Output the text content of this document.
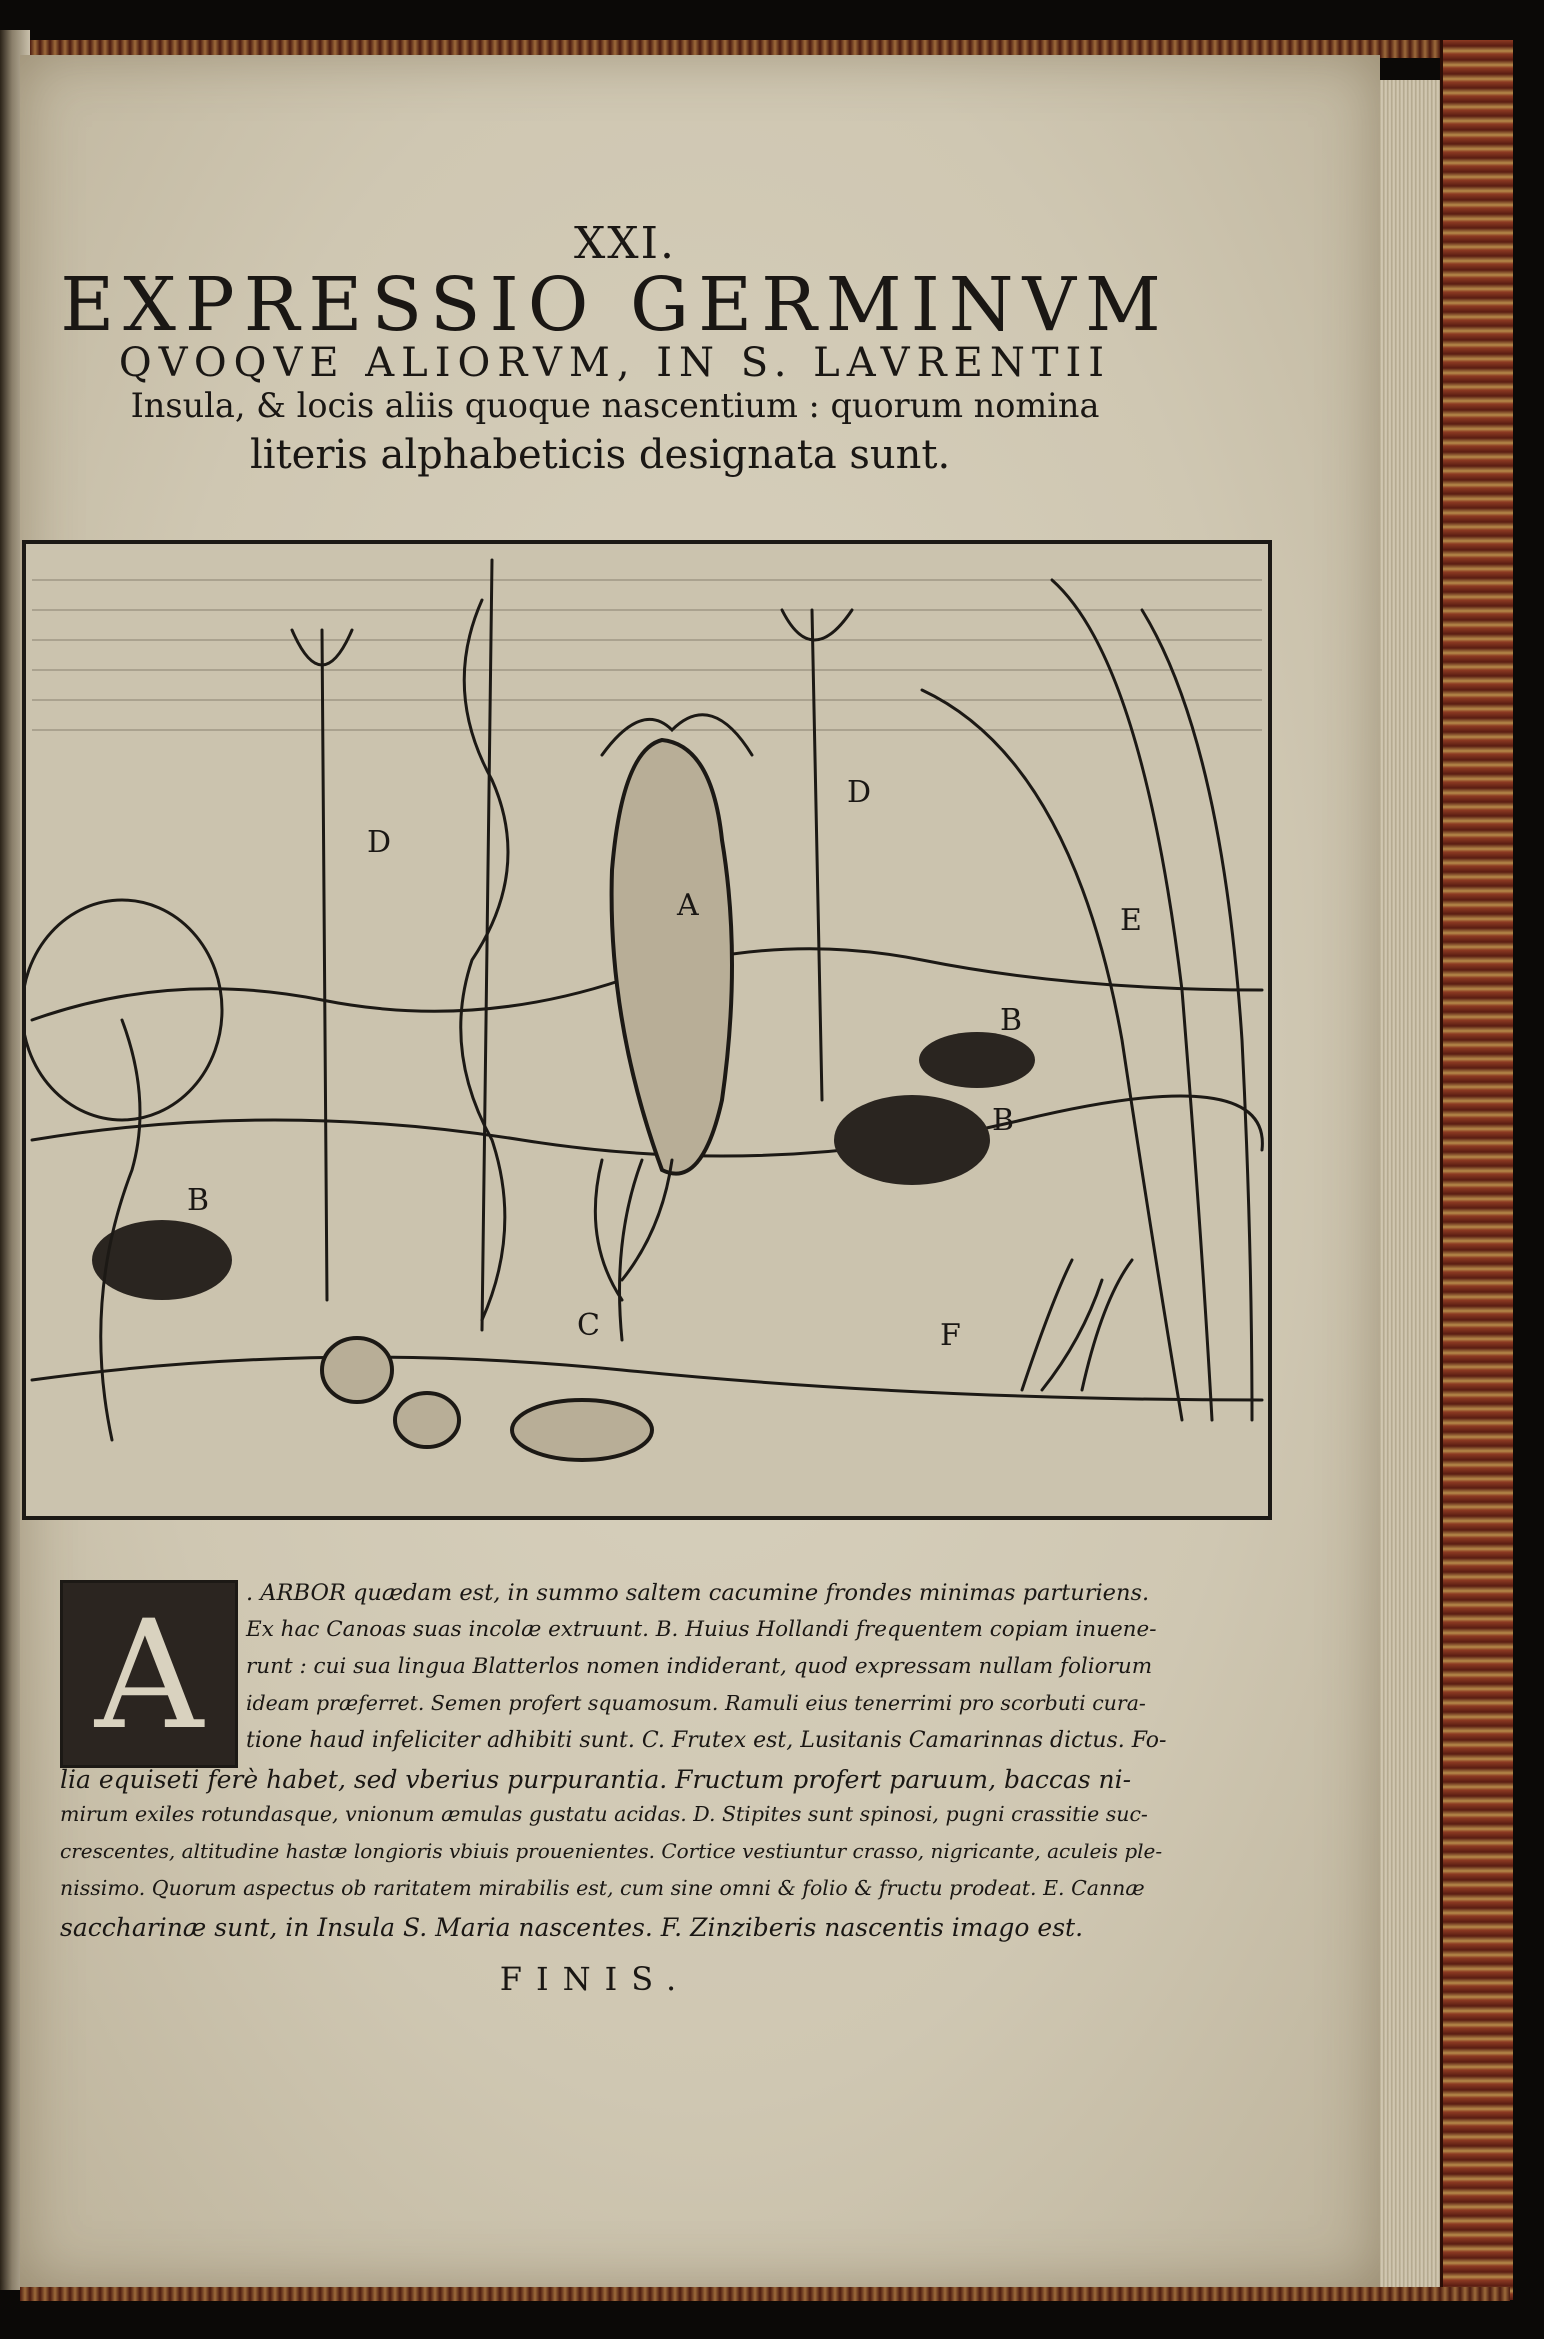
XXI.
EXPRESSIO GERMINVM
QVOQVE ALIORVM, IN S. LAVRENTII
Insula, & locis aliis quoque nascentium : quorum nomina
literis alphabeticis designata sunt.
A
B
B
B
C
D
D
E
F
A	. ARBOR quædam est, in summo saltem cacumine frondes minimas parturiens.
Ex hac Canoas suas incolæ extruunt. B. Huius Hollandi frequentem copiam inuene-
runt : cui sua lingua Blatterlos nomen indiderant, quod expressam nullam foliorum
ideam præferret. Semen profert squamosum. Ramuli eius tenerrimi pro scorbuti cura-
tione haud infeliciter adhibiti sunt. C. Frutex est, Lusitanis Camarinnas dictus. Fo-
lia equiseti ferè habet, sed vberius purpurantia. Fructum profert paruum, baccas ni-
mirum exiles rotundasque, vnionum æmulas gustatu acidas. D. Stipites sunt spinosi, pugni crassitie suc-
crescentes, altitudine hastæ longioris vbiuis prouenientes. Cortice vestiuntur crasso, nigricante, aculeis ple-
nissimo. Quorum aspectus ob raritatem mirabilis est, cum sine omni & folio & fructu prodeat. E. Cannæ
saccharinæ sunt, in Insula S. Maria nascentes. F. Zinziberis nascentis imago est.
FINIS.
